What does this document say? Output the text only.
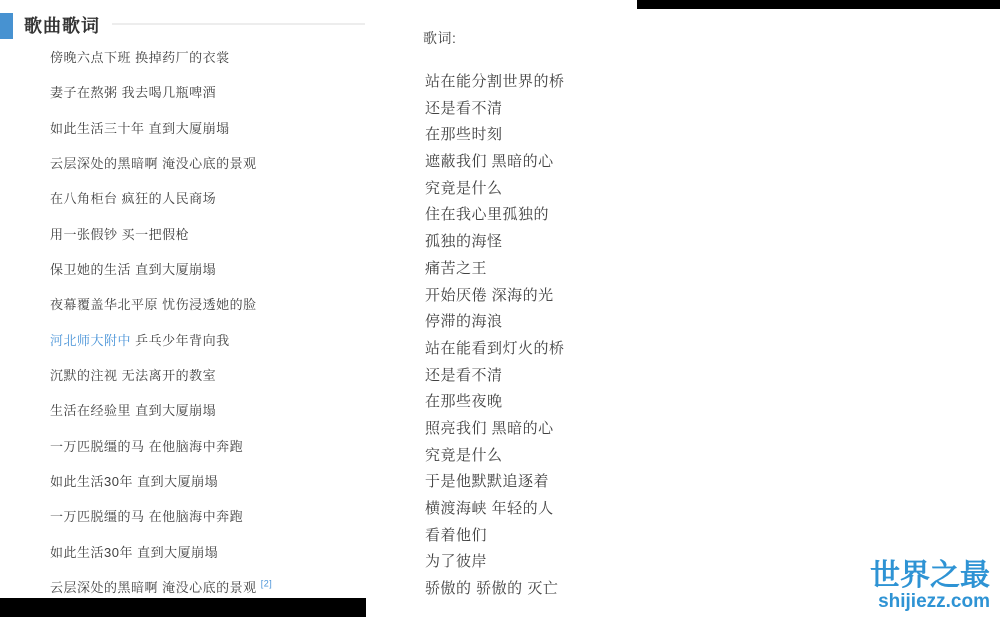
歌曲歌词
傍晚六点下班 换掉药厂的衣裳
妻子在熬粥 我去喝几瓶啤酒
如此生活三十年 直到大厦崩塌
云层深处的黑暗啊 淹没心底的景观
在八角柜台 疯狂的人民商场
用一张假钞 买一把假枪
保卫她的生活 直到大厦崩塌
夜幕覆盖华北平原 忧伤浸透她的脸
河北师大附中 乒乓少年背向我
沉默的注视 无法离开的教室
生活在经验里 直到大厦崩塌
一万匹脱缰的马 在他脑海中奔跑
如此生活30年 直到大厦崩塌
一万匹脱缰的马 在他脑海中奔跑
如此生活30年 直到大厦崩塌
云层深处的黑暗啊 淹没心底的景观 [2]
歌词:
站在能分割世界的桥
还是看不清
在那些时刻
遮蔽我们 黑暗的心
究竟是什么
住在我心里孤独的
孤独的海怪
痛苦之王
开始厌倦 深海的光
停滞的海浪
站在能看到灯火的桥
还是看不清
在那些夜晚
照亮我们 黑暗的心
究竟是什么
于是他默默追逐着
横渡海峡 年轻的人
看着他们
为了彼岸
骄傲的 骄傲的 灭亡	世界之最
shijiezz.com
